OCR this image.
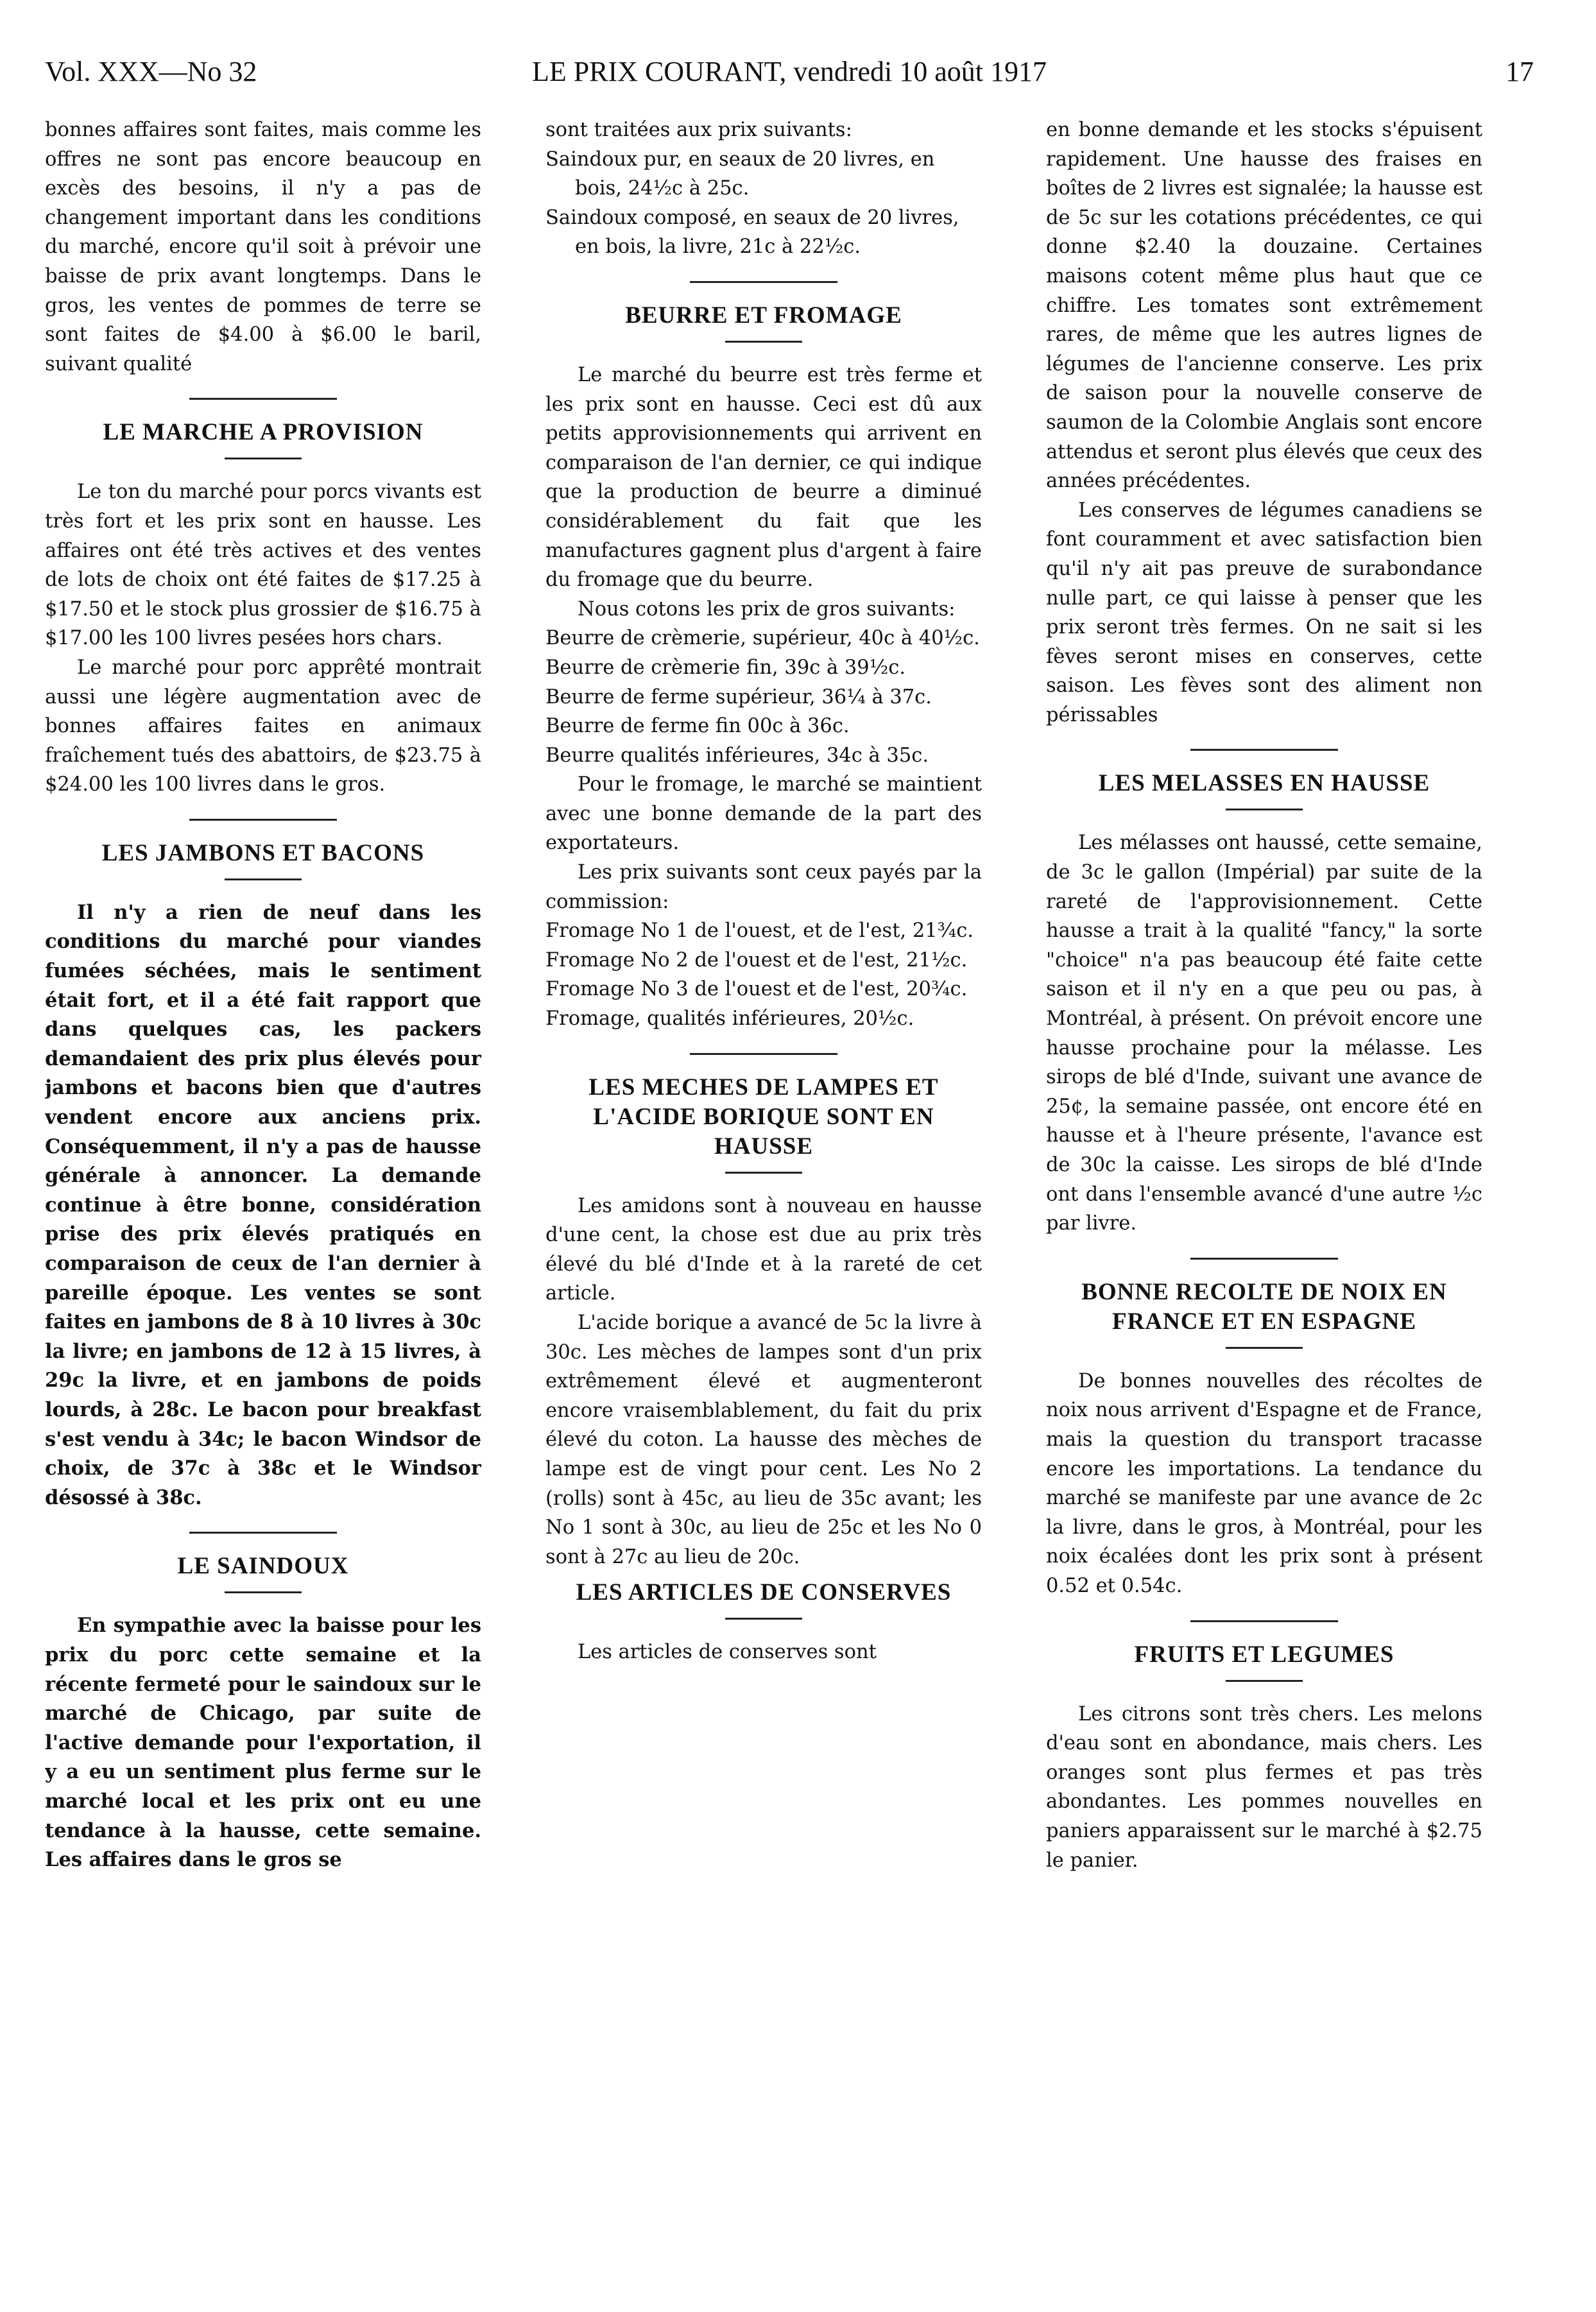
Vol. XXX—No 32	LE PRIX COURANT, vendredi 10 août 1917	17

bonnes affaires sont faites, mais comme les offres ne sont pas encore beaucoup en excès des besoins, il n'y a pas de changement important dans les conditions du marché, encore qu'il soit à prévoir une baisse de prix avant longtemps. Dans le gros, les ventes de pommes de terre se sont faites de $4.00 à $6.00 le baril, suivant qualité

LE MARCHE A PROVISION

Le ton du marché pour porcs vivants est très fort et les prix sont en hausse. Les affaires ont été très actives et des ventes de lots de choix ont été faites de $17.25 à $17.50 et le stock plus grossier de $16.75 à $17.00 les 100 livres pesées hors chars.

Le marché pour porc apprêté montrait aussi une légère augmentation avec de bonnes affaires faites en animaux fraîchement tués des abattoirs, de $23.75 à $24.00 les 100 livres dans le gros.

LES JAMBONS ET BACONS

Il n'y a rien de neuf dans les conditions du marché pour viandes fumées séchées, mais le sentiment était fort, et il a été fait rapport que dans quelques cas, les packers demandaient des prix plus élevés pour jambons et bacons bien que d'autres vendent encore aux anciens prix. Conséquemment, il n'y a pas de hausse générale à annoncer. La demande continue à être bonne, considération prise des prix élevés pratiqués en comparaison de ceux de l'an dernier à pareille époque. Les ventes se sont faites en jambons de 8 à 10 livres à 30c la livre; en jambons de 12 à 15 livres, à 29c la livre, et en jambons de poids lourds, à 28c. Le bacon pour breakfast s'est vendu à 34c; le bacon Windsor de choix, de 37c à 38c et le Windsor désossé à 38c.

LE SAINDOUX

En sympathie avec la baisse pour les prix du porc cette semaine et la récente fermeté pour le saindoux sur le marché de Chicago, par suite de l'active demande pour l'exportation, il y a eu un sentiment plus ferme sur le marché local et les prix ont eu une tendance à la hausse, cette semaine. Les affaires dans le gros se

sont traitées aux prix suivants:

Saindoux pur, en seaux de 20 livres, en bois, 24½c à 25c.

Saindoux composé, en seaux de 20 livres, en bois, la livre, 21c à 22½c.

BEURRE ET FROMAGE

Le marché du beurre est très ferme et les prix sont en hausse. Ceci est dû aux petits approvisionnements qui arrivent en comparaison de l'an dernier, ce qui indique que la production de beurre a diminué considérablement du fait que les manufactures gagnent plus d'argent à faire du fromage que du beurre.

Nous cotons les prix de gros suivants:

Beurre de crèmerie, supérieur, 40c à 40½c.

Beurre de crèmerie fin, 39c à 39½c.

Beurre de ferme supérieur, 36¼ à 37c.

Beurre de ferme fin 00c à 36c.

Beurre qualités inférieures, 34c à 35c.

Pour le fromage, le marché se maintient avec une bonne demande de la part des exportateurs.

Les prix suivants sont ceux payés par la commission:

Fromage No 1 de l'ouest, et de l'est, 21¾c.

Fromage No 2 de l'ouest et de l'est, 21½c.

Fromage No 3 de l'ouest et de l'est, 20¾c.

Fromage, qualités inférieures, 20½c.

LES MECHES DE LAMPES ET L'ACIDE BORIQUE SONT EN HAUSSE

Les amidons sont à nouveau en hausse d'une cent, la chose est due au prix très élevé du blé d'Inde et à la rareté de cet article.

L'acide borique a avancé de 5c la livre à 30c. Les mèches de lampes sont d'un prix extrêmement élevé et augmenteront encore vraisemblablement, du fait du prix élevé du coton. La hausse des mèches de lampe est de vingt pour cent. Les No 2 (rolls) sont à 45c, au lieu de 35c avant; les No 1 sont à 30c, au lieu de 25c et les No 0 sont à 27c au lieu de 20c.

LES ARTICLES DE CONSERVES

Les articles de conserves sont

en bonne demande et les stocks s'épuisent rapidement. Une hausse des fraises en boîtes de 2 livres est signalée; la hausse est de 5c sur les cotations précédentes, ce qui donne $2.40 la douzaine. Certaines maisons cotent même plus haut que ce chiffre. Les tomates sont extrêmement rares, de même que les autres lignes de légumes de l'ancienne conserve. Les prix de saison pour la nouvelle conserve de saumon de la Colombie Anglais sont encore attendus et seront plus élevés que ceux des années précédentes.

Les conserves de légumes canadiens se font couramment et avec satisfaction bien qu'il n'y ait pas preuve de surabondance nulle part, ce qui laisse à penser que les prix seront très fermes. On ne sait si les fèves seront mises en conserves, cette saison. Les fèves sont des aliment non périssables

LES MELASSES EN HAUSSE

Les mélasses ont haussé, cette semaine, de 3c le gallon (Impérial) par suite de la rareté de l'approvisionnement. Cette hausse a trait à la qualité "fancy," la sorte "choice" n'a pas beaucoup été faite cette saison et il n'y en a que peu ou pas, à Montréal, à présent. On prévoit encore une hausse prochaine pour la mélasse. Les sirops de blé d'Inde, suivant une avance de 25¢, la semaine passée, ont encore été en hausse et à l'heure présente, l'avance est de 30c la caisse. Les sirops de blé d'Inde ont dans l'ensemble avancé d'une autre ½c par livre.

BONNE RECOLTE DE NOIX EN FRANCE ET EN ESPAGNE

De bonnes nouvelles des récoltes de noix nous arrivent d'Espagne et de France, mais la question du transport tracasse encore les importations. La tendance du marché se manifeste par une avance de 2c la livre, dans le gros, à Montréal, pour les noix écalées dont les prix sont à présent 0.52 et 0.54c.

FRUITS ET LEGUMES

Les citrons sont très chers. Les melons d'eau sont en abondance, mais chers. Les oranges sont plus fermes et pas très abondantes. Les pommes nouvelles en paniers apparaissent sur le marché à $2.75 le panier.
